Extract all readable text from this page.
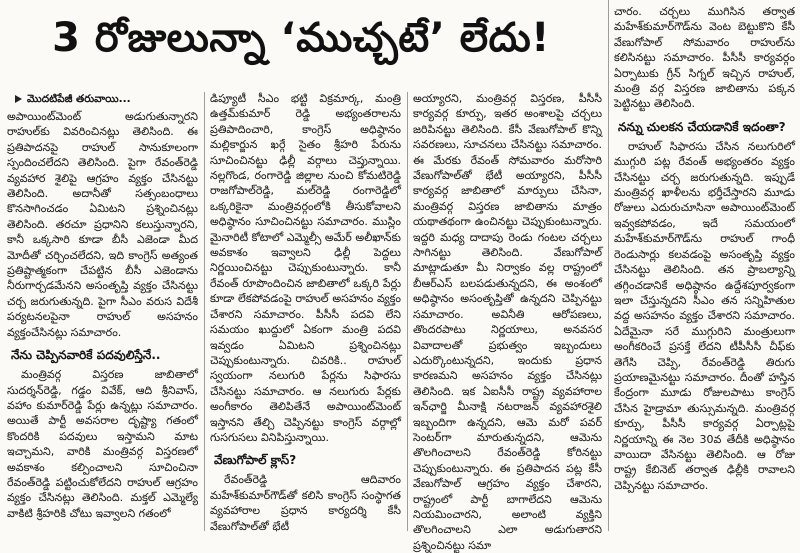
3 రోజులున్నా ‘ముచ్చటే’ లేదు!
మొదటిపేజీ తరువాయి...

అపాయింట్‌మెంట్ అడుగుతున్నారని రాహుల్‌కు వివరించినట్లు తెలిసింది. ఈ ప్రతిపాదనపై రాహుల్ సానుకూలంగా స్పందించలేదని తెలిసింది. పైగా రేవంత్‌రెడ్డి వ్యవహార శైలిపై ఆగ్రహం వ్యక్తం చేసినట్టు తెలిసింది. అదానీతో సత్సంబంధాలు కొనసాగించడం ఏమిటని ప్రశ్నించినట్లు తెలిసింది. తరచూ ప్రధానిని కలుస్తున్నారని, కానీ ఒక్కసారి కూడా బీసీ ఎజెండా మీద మోదీతో చర్చించలేదని, ఇది కాంగ్రెస్ అత్యంత ప్రతిష్టాత్మకంగా చేపట్టిన బీసీ ఎజెండాను నీరుగార్చడమేనని అసంతృప్తి వ్యక్తం చేసినట్టు చర్చ జరుగుతున్నది. పైగా సీఎం వరుస విదేశీ పర్యటనలపైనా రాహుల్ అసహనం వ్యక్తంచేసినట్లు సమాచారం.

నేను చెప్పినవారికే పదవులిస్తేనే..

మంత్రివర్గ విస్తరణ జాబితాలో సుదర్శన్‌రెడ్డి, గడ్డం వివేక్, ఆది శ్రీనివాస్, వహాం కుమార్‌రెడ్డి పేర్లు ఉన్నట్లు సమాచారం. అయితే పార్టీ అవసరాల దృష్ట్యా గతంలో కొందరికి పదవులు ఇస్తామని మాట ఇచ్చామని, వారికి మంత్రివర్గ విస్తరణలో అవకాశం కల్పించాలని సూచించినా రేవంత్‌రెడ్డి పట్టించుకోలేదని రాహుల్ ఆగ్రహం వ్యక్తం చేసినట్లు తెలిసింది. మక్తల్ ఎమ్మెల్యే వాకిటి శ్రీహరికి చోటు ఇవ్వాలని గతంలో

డిప్యూటీ సీఎం భట్టి విక్రమార్క, మంత్రి ఉత్తమ్‌కుమార్ రెడ్డి అభ్యంతరాలను ప్రతిపాదించారి, కాంగ్రెస్ అధిష్ఠానం మల్లికార్జున ఖర్గే సైతం శ్రీహరి పేరును సూచించినట్టు ఢిల్లీ వర్గాలు చెప్తున్నాయి. నల్లగొండ, రంగారెడ్డి జిల్లాల నుంచి కోమటిరెడ్డి రాజగోపాల్‌రెడ్డి, మల్‌రెడ్డి రంగారెడ్డిలో ఒక్కరికైనా మంత్రివర్గంలోకి తీసుకోవాలని అధిష్ఠానం సూచించినట్టు సమాచారం. ముస్లిం మైనారిటీ కోటాలో ఎమ్మెల్సీ అమేర్ అలీఖాన్‌కు అవకాశం ఇవ్వాలని ఢిల్లీ పెద్దలు నిర్ణయించినట్టు చెప్పుకుంటున్నారు. కానీ రేవంత్ రూపొందించిన జాబితాలో ఒక్కరి పేర్లు కూడా లేకపోవడంపై రాహుల్ అసహనం వ్యక్తం చేశారని సమాచారం. పీసీసీ పదవి లేని సమయం ఖుద్దులో ఏకంగా మంత్రి పదవి ఇవ్వడం ఏమిటని ప్రశ్నించినట్లు చెప్పుకుంటున్నారు. చివరికి.. రాహుల్ స్వయంగా నలుగురి పేర్లను సిఫారసు చేసినట్టు సమాచారం. ఆ నలుగురు పేర్లకు అంగీకారం తెలిపితేనే అపాయింట్‌మెంట్ ఇస్తానని తేల్చి చెప్పినట్టు కాంగ్రెస్ వర్గాల్లో గుసగుసలు వినిపిస్తున్నాయి.

వేణుగోపాల్ క్లాస్?

రేవంత్‌రెడ్డి ఆదివారం మహేశ్‌కుమార్‌గౌడ్‌తో కలిసి కాంగ్రెస్ సంస్థాగత వ్యవహారాల ప్రధాన కార్యదర్శి కేసీ వేణుగోపాల్‌తో భేటీ

అయ్యారని, మంత్రివర్గ విస్తరణ, పీసీసీ కార్యవర్గ కూర్పు, ఇతర అంశాలపై చర్చలు జరిపినట్టు తెలిసింది. కేసీ వేణుగోపాల్ కొన్ని సవరణలు, సూచనలు చేసినట్టు సమాచారం. ఈ మేరకు రేవంత్ సోమవారం మరోసారి వేణుగోపాల్‌తో భేటీ అయ్యారని, పీసీసీ కార్యవర్గ జాబితాలో మార్పులు చేసినా, మంత్రివర్గ విస్తరణ జాబితాను మాత్రం యథాతథంగా ఉంచినట్టు చెప్పుకుంటున్నారు. ఇద్దరి మధ్య దాదాపు రెండు గంటల చర్చలు సాగినట్టు తెలిసింది. వేణుగోపాల్ మాట్లాడుతూ మీ నిర్వాకం వల్ల రాష్ట్రంలో బీఆర్‌ఎస్ బలపడుతున్నదని, ఈ అంశంలో అధిష్ఠానం అసంతృప్తితో ఉన్నదని చెప్పినట్టు సమాచారం. అవినీతి ఆరోపణలు, తొందరపాటు నిర్ణయాలు, అనవసర వివాదాలతో ప్రభుత్వం ఇబ్బందులు ఎదుర్కొంటున్నదని, ఇందుకు ప్రధాన కారణమని అసహనం వ్యక్తం చేసినట్లు తెలిసింది. ఇక ఏఐసీసీ రాష్ట్ర వ్యవహారాల ఇన్‌ఛార్జి మీనాక్షి నటరాజన్ వ్యవహారశైలి ఇబ్బందిగా ఉన్నదని, ఆమె మరో పవర్ సెంటర్‌గా మారుతున్నదని, ఆమెను తొలగించాలని రేవంత్‌రెడ్డి కోరినట్టు చెప్పుకుంటున్నారు. ఈ ప్రతిపాదన పట్ల కేసీ వేణుగోపాల్ ఆగ్రహం వ్యక్తం చేశారని, రాష్ట్రంలో పార్టీ బాగాలేదని ఆమెను నియమించారని, అలాంటి వ్యక్తిని తొలగించాలని ఎలా అడుగుతారని ప్రశ్నించినట్టు సమా

చారం. చర్చలు ముగిసిన తర్వాత మహేశ్‌కుమార్‌గౌడ్‌ను వెంట బెట్టుకొని కేసీ వేణుగోపాల్ సోమవారం రాహుల్‌ను కలిసినట్టు సమాచారం. పీసీసీ కార్యవర్గం ఏర్పాటుకు గ్రీన్ సిగ్నల్ ఇచ్చిన రాహుల్, మంత్రి వర్గ విస్తరణ జాబితాను పక్కన పెట్టినట్టు తెలిసింది.

నన్ను చులకన చేయడానికే ఇదంతా?

రాహుల్ సిఫారసు చేసిన నలుగురిలో ముగ్గురి పట్ల రేవంత్ అభ్యంతరం వ్యక్తం చేసినట్టు చర్చ జరుగుతున్నది. ఇప్పుడే మంత్రివర్గ ఖాళీలను భర్తీచేస్తారని మూడు రోజులు ఎదురుచూసినా అపాయింట్‌మెంట్ ఇవ్వకపోవడం, ఇదే సమయంలో మహేశ్‌కుమార్‌గౌడ్‌ను రాహుల్ గాంధీ రెండుసార్లు కలవడంపై అసంతృప్తి వ్యక్తం చేసినట్టు తెలిసింది. తన ప్రాబల్యాన్ని తగ్గించడానికే అధిష్ఠానం ఉద్దేశపూర్వకంగా ఇలా చేస్తున్నదని సీఎం తన సన్నిహితుల వద్ద అసహనం వ్యక్తం చేశారని సమాచారం. ఏదేమైనా సరే ముగ్గురిని మంత్రులుగా అంగీకరించే ప్రసక్తే లేదని టీపీసీసీ చీఫ్‌కు తెగేసి చెప్పి, రేవంత్‌రెడ్డి తిరుగు ప్రయాణమైనట్టు సమాచారం. దీంతో హస్తిన కేంద్రంగా మూడు రోజులపాటు కాంగ్రెస్ చేసిన హైడ్రామా తుస్సుమన్నది. మంత్రివర్గ కూర్పు, పీసీసీ కార్యవర్గ ఏర్పాట్లపై నిర్ణయాన్ని ఈ నెల 30వ తేదీకి అధిష్ఠానం వాయిదా వేసినట్టు తెలిసింది. ఆ రోజు రాష్ట్ర కేబినెట్ తర్వాత ఢిల్లీకి రావాలని చెప్పినట్టు సమాచారం.
